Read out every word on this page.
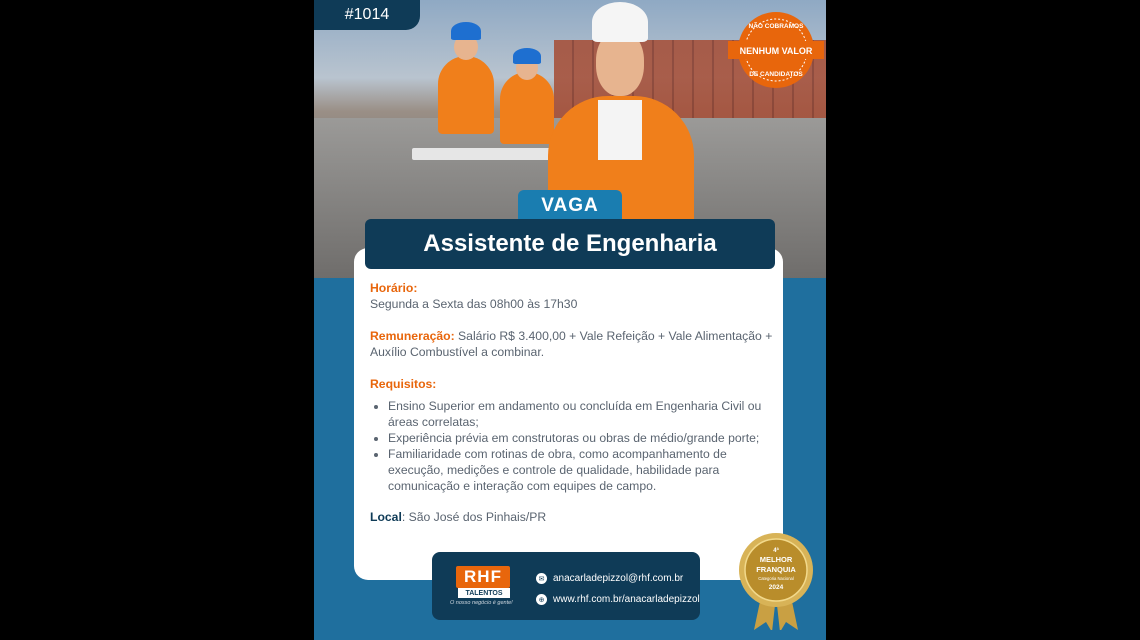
#1014
NÃO COBRAMOS
NENHUM VALOR
DE CANDIDATOS
VAGA
Assistente de Engenharia

Horário:

Segunda a Sexta das 08h00 às 17h30

Remuneração: Salário R$ 3.400,00 + Vale Refeição + Vale Alimentação + Auxílio Combustível a combinar.

Requisitos:

• Ensino Superior em andamento ou concluída em Engenharia Civil ou áreas correlatas;
• Experiência prévia em construtoras ou obras de médio/grande porte;
• Familiaridade com rotinas de obra, como acompanhamento de execução, medições e controle de qualidade, habilidade para comunicação e interação com equipes de campo.

Local: São José dos Pinhais/PR

RHF
TALENTOS
O nosso negócio é gente!
✉ anacarladepizzol@rhf.com.br
⊕ www.rhf.com.br/anacarladepizzol
4ª
MELHOR
FRANQUIA
Categoria Nacional
2024
